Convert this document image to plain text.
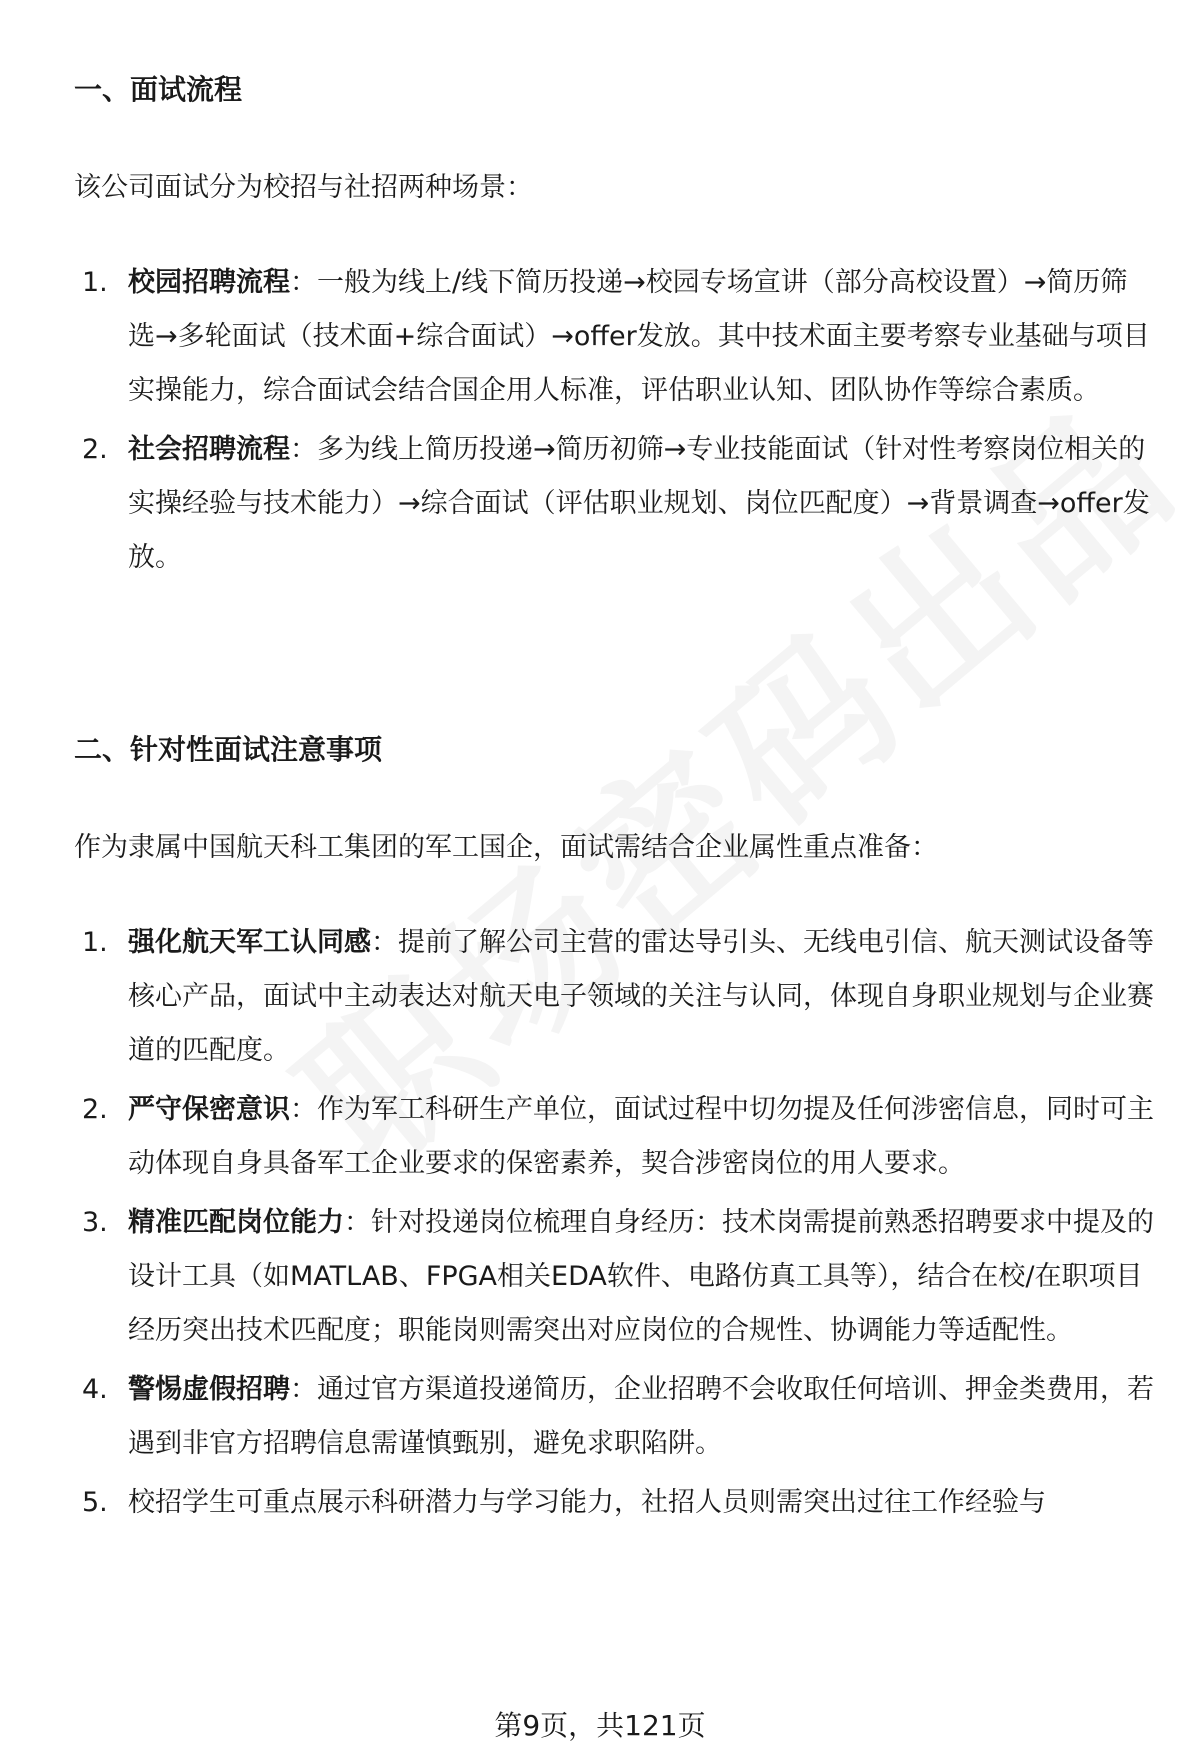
一、面试流程

该公司面试分为校招与社招两种场景：

1. 校园招聘流程：一般为线上/线下简历投递→校园专场宣讲（部分高校设置）→简历筛选→多轮面试（技术面+综合面试）→offer发放。其中技术面主要考察专业基础与项目实操能力，综合面试会结合国企用人标准，评估职业认知、团队协作等综合素质。
2. 社会招聘流程：多为线上简历投递→简历初筛→专业技能面试（针对性考察岗位相关的实操经验与技术能力）→综合面试（评估职业规划、岗位匹配度）→背景调查→offer发放。
二、针对性面试注意事项

作为隶属中国航天科工集团的军工国企，面试需结合企业属性重点准备：

1. 强化航天军工认同感：提前了解公司主营的雷达导引头、无线电引信、航天测试设备等核心产品，面试中主动表达对航天电子领域的关注与认同，体现自身职业规划与企业赛道的匹配度。
2. 严守保密意识：作为军工科研生产单位，面试过程中切勿提及任何涉密信息，同时可主动体现自身具备军工企业要求的保密素养，契合涉密岗位的用人要求。
3. 精准匹配岗位能力：针对投递岗位梳理自身经历：技术岗需提前熟悉招聘要求中提及的设计工具（如MATLAB、FPGA相关EDA软件、电路仿真工具等），结合在校/在职项目经历突出技术匹配度；职能岗则需突出对应岗位的合规性、协调能力等适配性。
4. 警惕虚假招聘：通过官方渠道投递简历，企业招聘不会收取任何培训、押金类费用，若遇到非官方招聘信息需谨慎甄别，避免求职陷阱。
5. 校招学生可重点展示科研潜力与学习能力，社招人员则需突出过往工作经验与
第9页，共121页
